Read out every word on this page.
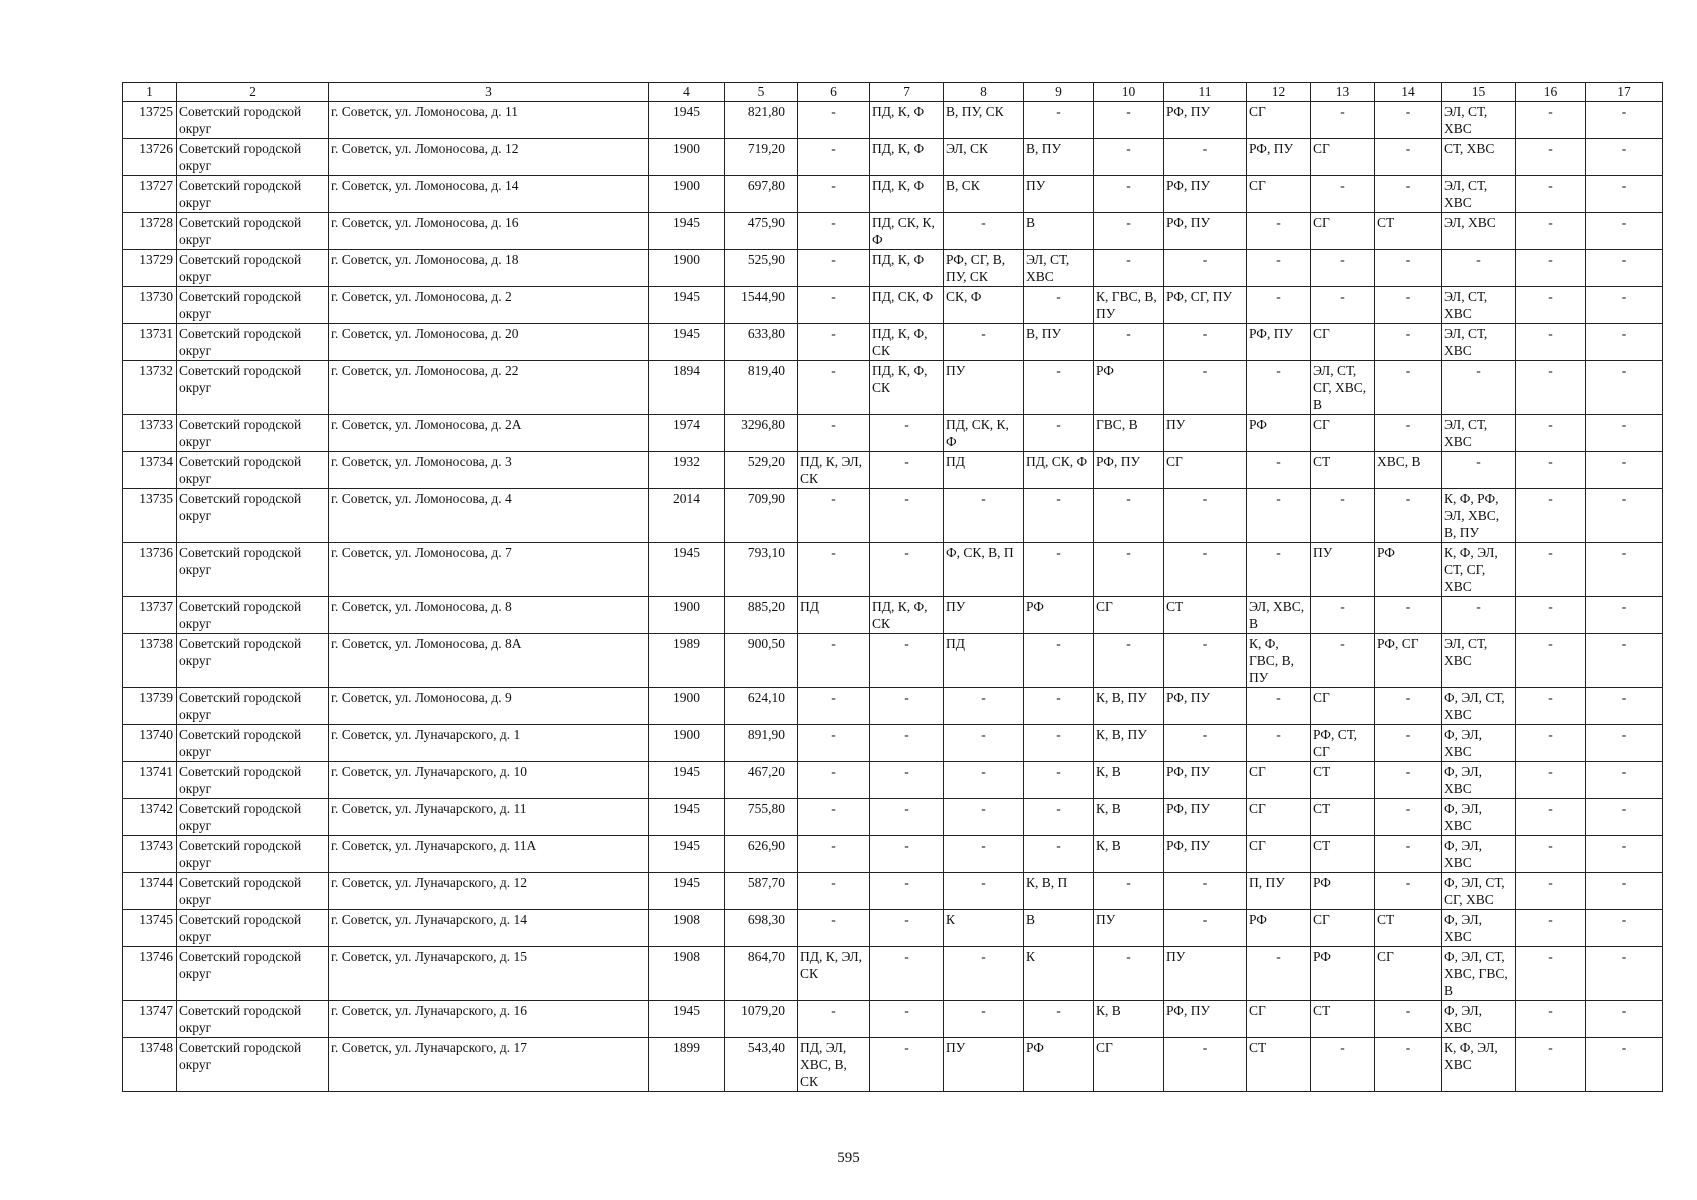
1	2	3	4	5	6	7	8	9	10	11	12	13	14	15	16	17
13725	Советский городской округ	г. Советск, ул. Ломоносова, д. 11	1945	821,80	-	ПД, К, Ф	В, ПУ, СК	-	-	РФ, ПУ	СГ	-	-	ЭЛ, СТ, ХВС	-	-
13726	Советский городской округ	г. Советск, ул. Ломоносова, д. 12	1900	719,20	-	ПД, К, Ф	ЭЛ, СК	В, ПУ	-	-	РФ, ПУ	СГ	-	СТ, ХВС	-	-
13727	Советский городской округ	г. Советск, ул. Ломоносова, д. 14	1900	697,80	-	ПД, К, Ф	В, СК	ПУ	-	РФ, ПУ	СГ	-	-	ЭЛ, СТ, ХВС	-	-
13728	Советский городской округ	г. Советск, ул. Ломоносова, д. 16	1945	475,90	-	ПД, СК, К, Ф	-	В	-	РФ, ПУ	-	СГ	СТ	ЭЛ, ХВС	-	-
13729	Советский городской округ	г. Советск, ул. Ломоносова, д. 18	1900	525,90	-	ПД, К, Ф	РФ, СГ, В, ПУ, СК	ЭЛ, СТ, ХВС	-	-	-	-	-	-	-	-
13730	Советский городской округ	г. Советск, ул. Ломоносова, д. 2	1945	1544,90	-	ПД, СК, Ф	СК, Ф	-	К, ГВС, В, ПУ	РФ, СГ, ПУ	-	-	-	ЭЛ, СТ, ХВС	-	-
13731	Советский городской округ	г. Советск, ул. Ломоносова, д. 20	1945	633,80	-	ПД, К, Ф, СК	-	В, ПУ	-	-	РФ, ПУ	СГ	-	ЭЛ, СТ, ХВС	-	-
13732	Советский городской округ	г. Советск, ул. Ломоносова, д. 22	1894	819,40	-	ПД, К, Ф, СК	ПУ	-	РФ	-	-	ЭЛ, СТ, СГ, ХВС, В	-	-	-	-
13733	Советский городской округ	г. Советск, ул. Ломоносова, д. 2А	1974	3296,80	-	-	ПД, СК, К, Ф	-	ГВС, В	ПУ	РФ	СГ	-	ЭЛ, СТ, ХВС	-	-
13734	Советский городской округ	г. Советск, ул. Ломоносова, д. 3	1932	529,20	ПД, К, ЭЛ, СК	-	ПД	ПД, СК, Ф	РФ, ПУ	СГ	-	СТ	ХВС, В	-	-	-
13735	Советский городской округ	г. Советск, ул. Ломоносова, д. 4	2014	709,90	-	-	-	-	-	-	-	-	-	К, Ф, РФ, ЭЛ, ХВС, В, ПУ	-	-
13736	Советский городской округ	г. Советск, ул. Ломоносова, д. 7	1945	793,10	-	-	Ф, СК, В, П	-	-	-	-	ПУ	РФ	К, Ф, ЭЛ, СТ, СГ, ХВС	-	-
13737	Советский городской округ	г. Советск, ул. Ломоносова, д. 8	1900	885,20	ПД	ПД, К, Ф, СК	ПУ	РФ	СГ	СТ	ЭЛ, ХВС, В	-	-	-	-	-
13738	Советский городской округ	г. Советск, ул. Ломоносова, д. 8А	1989	900,50	-	-	ПД	-	-	-	К, Ф, ГВС, В, ПУ	-	РФ, СГ	ЭЛ, СТ, ХВС	-	-
13739	Советский городской округ	г. Советск, ул. Ломоносова, д. 9	1900	624,10	-	-	-	-	К, В, ПУ	РФ, ПУ	-	СГ	-	Ф, ЭЛ, СТ, ХВС	-	-
13740	Советский городской округ	г. Советск, ул. Луначарского, д. 1	1900	891,90	-	-	-	-	К, В, ПУ	-	-	РФ, СТ, СГ	-	Ф, ЭЛ, ХВС	-	-
13741	Советский городской округ	г. Советск, ул. Луначарского, д. 10	1945	467,20	-	-	-	-	К, В	РФ, ПУ	СГ	СТ	-	Ф, ЭЛ, ХВС	-	-
13742	Советский городской округ	г. Советск, ул. Луначарского, д. 11	1945	755,80	-	-	-	-	К, В	РФ, ПУ	СГ	СТ	-	Ф, ЭЛ, ХВС	-	-
13743	Советский городской округ	г. Советск, ул. Луначарского, д. 11А	1945	626,90	-	-	-	-	К, В	РФ, ПУ	СГ	СТ	-	Ф, ЭЛ, ХВС	-	-
13744	Советский городской округ	г. Советск, ул. Луначарского, д. 12	1945	587,70	-	-	-	К, В, П	-	-	П, ПУ	РФ	-	Ф, ЭЛ, СТ, СГ, ХВС	-	-
13745	Советский городской округ	г. Советск, ул. Луначарского, д. 14	1908	698,30	-	-	К	В	ПУ	-	РФ	СГ	СТ	Ф, ЭЛ, ХВС	-	-
13746	Советский городской округ	г. Советск, ул. Луначарского, д. 15	1908	864,70	ПД, К, ЭЛ, СК	-	-	К	-	ПУ	-	РФ	СГ	Ф, ЭЛ, СТ, ХВС, ГВС, В	-	-
13747	Советский городской округ	г. Советск, ул. Луначарского, д. 16	1945	1079,20	-	-	-	-	К, В	РФ, ПУ	СГ	СТ	-	Ф, ЭЛ, ХВС	-	-
13748	Советский городской округ	г. Советск, ул. Луначарского, д. 17	1899	543,40	ПД, ЭЛ, ХВС, В, СК	-	ПУ	РФ	СГ	-	СТ	-	-	К, Ф, ЭЛ, ХВС	-	-
595
